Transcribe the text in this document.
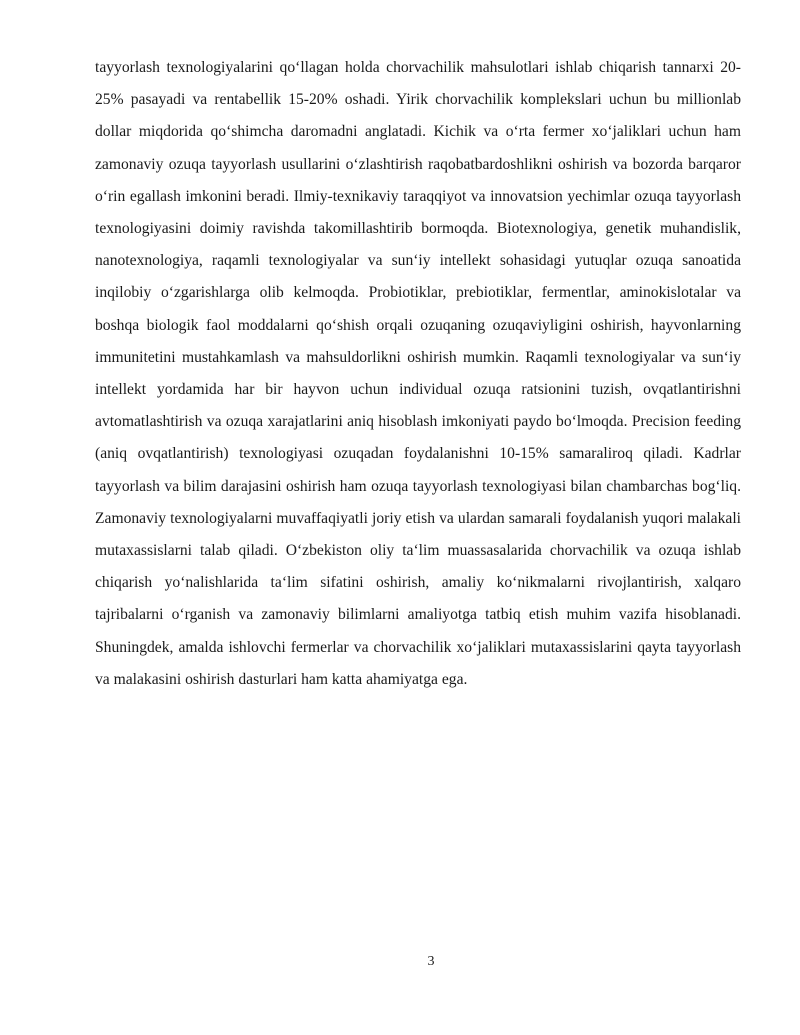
tayyorlash texnologiyalarini qo‘llagan holda chorvachilik mahsulotlari ishlab chiqarish tannarxi 20-25% pasayadi va rentabellik 15-20% oshadi. Yirik chorvachilik komplekslari uchun bu millionlab dollar miqdorida qo‘shimcha daromadni anglatadi. Kichik va o‘rta fermer xo‘jaliklari uchun ham zamonaviy ozuqa tayyorlash usullarini o‘zlashtirish raqobatbardoshlikni oshirish va bozorda barqaror o‘rin egallash imkonini beradi. Ilmiy-texnikaviy taraqqiyot va innovatsion yechimlar ozuqa tayyorlash texnologiyasini doimiy ravishda takomillashtirib bormoqda. Biotexnologiya, genetik muhandislik, nanotexnologiya, raqamli texnologiyalar va sun‘iy intellekt sohasidagi yutuqlar ozuqa sanoatida inqilobiy o‘zgarishlarga olib kelmoqda. Probiotiklar, prebiotiklar, fermentlar, aminokislotalar va boshqa biologik faol moddalarni qo‘shish orqali ozuqaning ozuqaviyligini oshirish, hayvonlarning immunitetini mustahkamlash va mahsuldorlikni oshirish mumkin. Raqamli texnologiyalar va sun‘iy intellekt yordamida har bir hayvon uchun individual ozuqa ratsionini tuzish, ovqatlantirishni avtomatlashtirish va ozuqa xarajatlarini aniq hisoblash imkoniyati paydo bo‘lmoqda. Precision feeding (aniq ovqatlantirish) texnologiyasi ozuqadan foydalanishni 10-15% samaraliroq qiladi. Kadrlar tayyorlash va bilim darajasini oshirish ham ozuqa tayyorlash texnologiyasi bilan chambarchas bog‘liq. Zamonaviy texnologiyalarni muvaffaqiyatli joriy etish va ulardan samarali foydalanish yuqori malakali mutaxassislarni talab qiladi. O‘zbekiston oliy ta‘lim muassasalarida chorvachilik va ozuqa ishlab chiqarish yo‘nalishlarida ta‘lim sifatini oshirish, amaliy ko‘nikmalarni rivojlantirish, xalqaro tajribalarni o‘rganish va zamonaviy bilimlarni amaliyotga tatbiq etish muhim vazifa hisoblanadi. Shuningdek, amalda ishlovchi fermerlar va chorvachilik xo‘jaliklari mutaxassislarini qayta tayyorlash va malakasini oshirish dasturlari ham katta ahamiyatga ega.

3
